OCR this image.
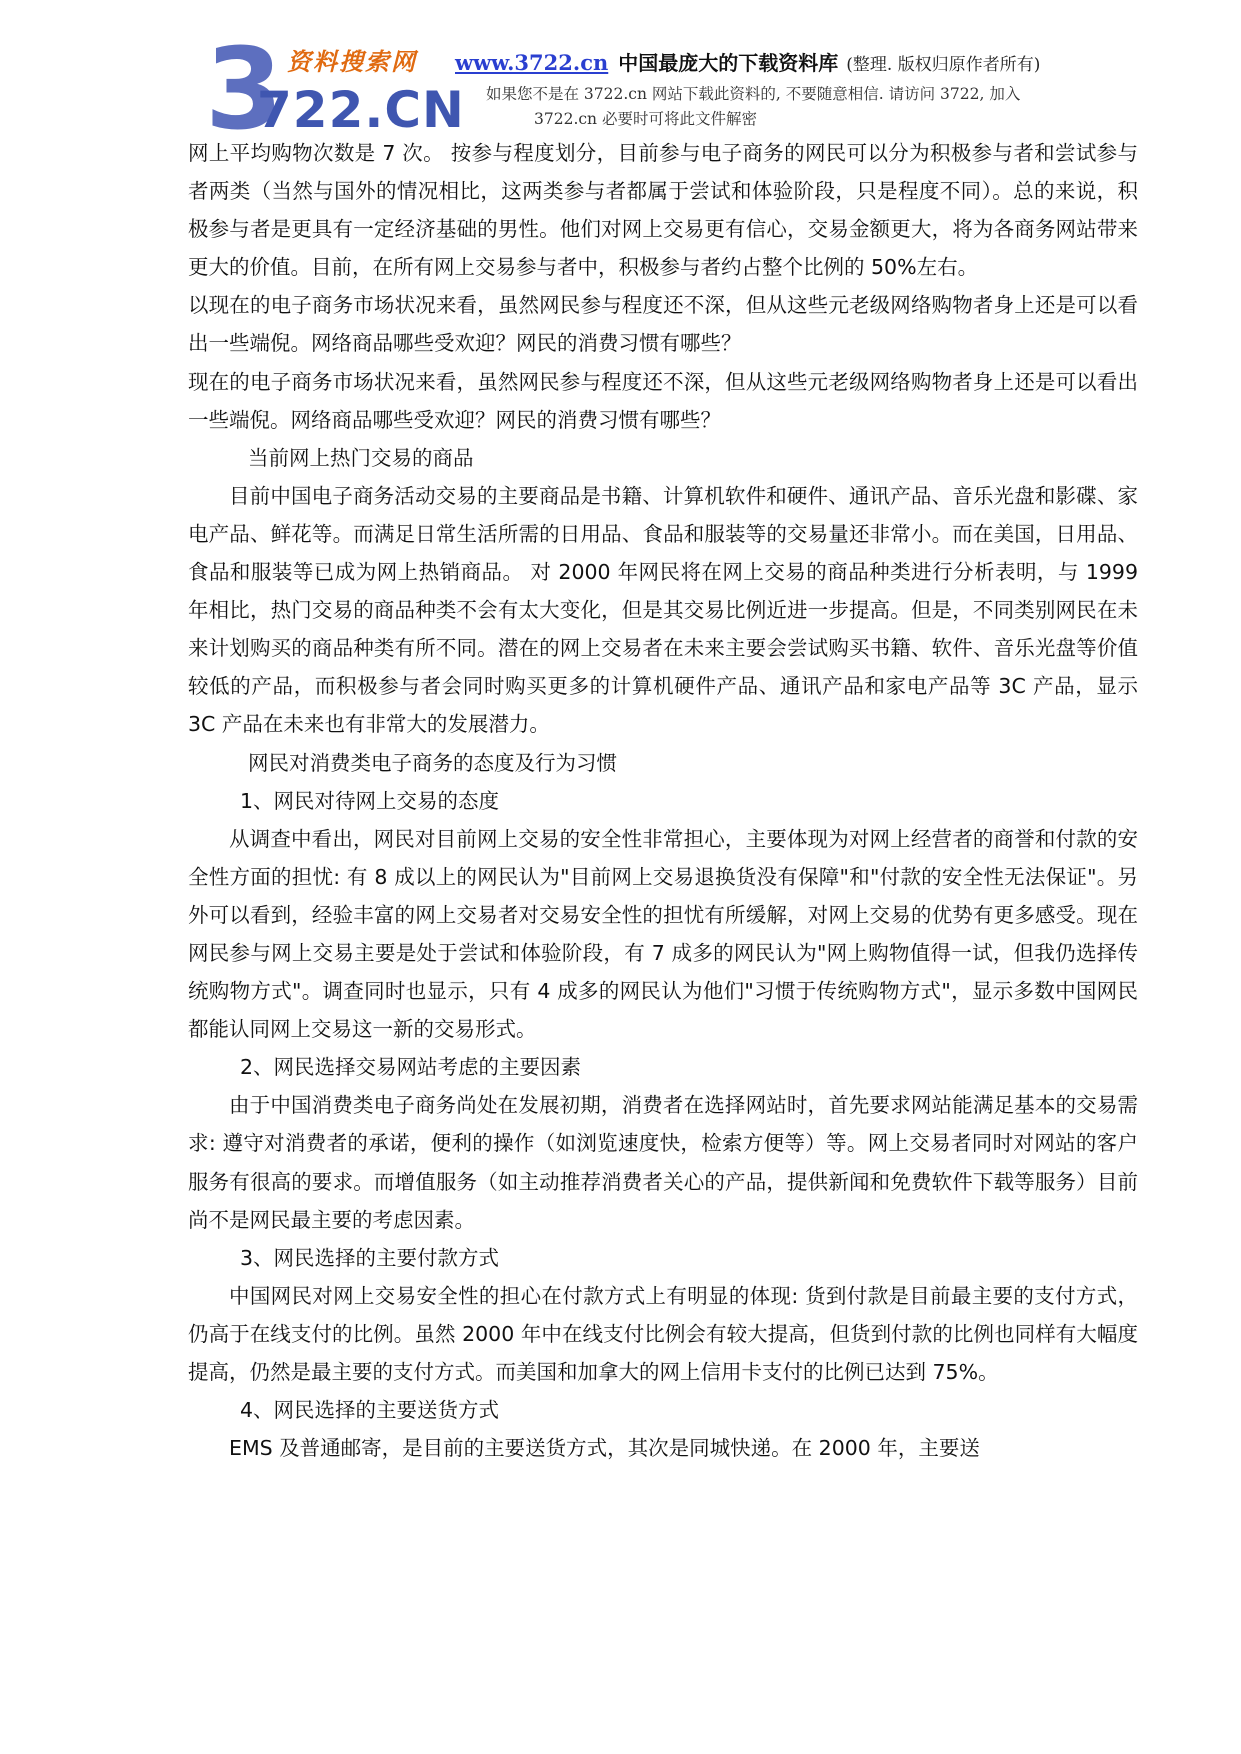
3
722.CN
资料搜索网 www.3722.cn 中国最庞大的下载资料库 (整理. 版权归原作者所有)
如果您不是在 3722.cn 网站下载此资料的, 不要随意相信. 请访问 3722, 加入
3722.cn 必要时可将此文件解密

网上平均购物次数是 7 次。 按参与程度划分，目前参与电子商务的网民可以分为积极参与者和尝试参与者两类（当然与国外的情况相比，这两类参与者都属于尝试和体验阶段，只是程度不同）。总的来说，积极参与者是更具有一定经济基础的男性。他们对网上交易更有信心，交易金额更大，将为各商务网站带来更大的价值。目前，在所有网上交易参与者中，积极参与者约占整个比例的 50%左右。

以现在的电子商务市场状况来看，虽然网民参与程度还不深，但从这些元老级网络购物者身上还是可以看出一些端倪。网络商品哪些受欢迎？网民的消费习惯有哪些？

现在的电子商务市场状况来看，虽然网民参与程度还不深，但从这些元老级网络购物者身上还是可以看出一些端倪。网络商品哪些受欢迎？网民的消费习惯有哪些？

当前网上热门交易的商品

目前中国电子商务活动交易的主要商品是书籍、计算机软件和硬件、通讯产品、音乐光盘和影碟、家电产品、鲜花等。而满足日常生活所需的日用品、食品和服装等的交易量还非常小。而在美国，日用品、食品和服装等已成为网上热销商品。 对 2000 年网民将在网上交易的商品种类进行分析表明，与 1999 年相比，热门交易的商品种类不会有太大变化，但是其交易比例近进一步提高。但是，不同类别网民在未来计划购买的商品种类有所不同。潜在的网上交易者在未来主要会尝试购买书籍、软件、音乐光盘等价值较低的产品，而积极参与者会同时购买更多的计算机硬件产品、通讯产品和家电产品等 3C 产品，显示 3C 产品在未来也有非常大的发展潜力。

网民对消费类电子商务的态度及行为习惯

1、网民对待网上交易的态度

从调查中看出，网民对目前网上交易的安全性非常担心，主要体现为对网上经营者的商誉和付款的安全性方面的担忧: 有 8 成以上的网民认为"目前网上交易退换货没有保障"和"付款的安全性无法保证"。另外可以看到，经验丰富的网上交易者对交易安全性的担忧有所缓解，对网上交易的优势有更多感受。现在网民参与网上交易主要是处于尝试和体验阶段，有 7 成多的网民认为"网上购物值得一试，但我仍选择传统购物方式"。调查同时也显示，只有 4 成多的网民认为他们"习惯于传统购物方式"，显示多数中国网民都能认同网上交易这一新的交易形式。

2、网民选择交易网站考虑的主要因素

由于中国消费类电子商务尚处在发展初期，消费者在选择网站时，首先要求网站能满足基本的交易需求: 遵守对消费者的承诺，便利的操作（如浏览速度快，检索方便等）等。网上交易者同时对网站的客户服务有很高的要求。而增值服务（如主动推荐消费者关心的产品，提供新闻和免费软件下载等服务）目前尚不是网民最主要的考虑因素。

3、网民选择的主要付款方式

中国网民对网上交易安全性的担心在付款方式上有明显的体现: 货到付款是目前最主要的支付方式，仍高于在线支付的比例。虽然 2000 年中在线支付比例会有较大提高，但货到付款的比例也同样有大幅度提高，仍然是最主要的支付方式。而美国和加拿大的网上信用卡支付的比例已达到 75%。

4、网民选择的主要送货方式

EMS 及普通邮寄，是目前的主要送货方式，其次是同城快递。在 2000 年，主要送
